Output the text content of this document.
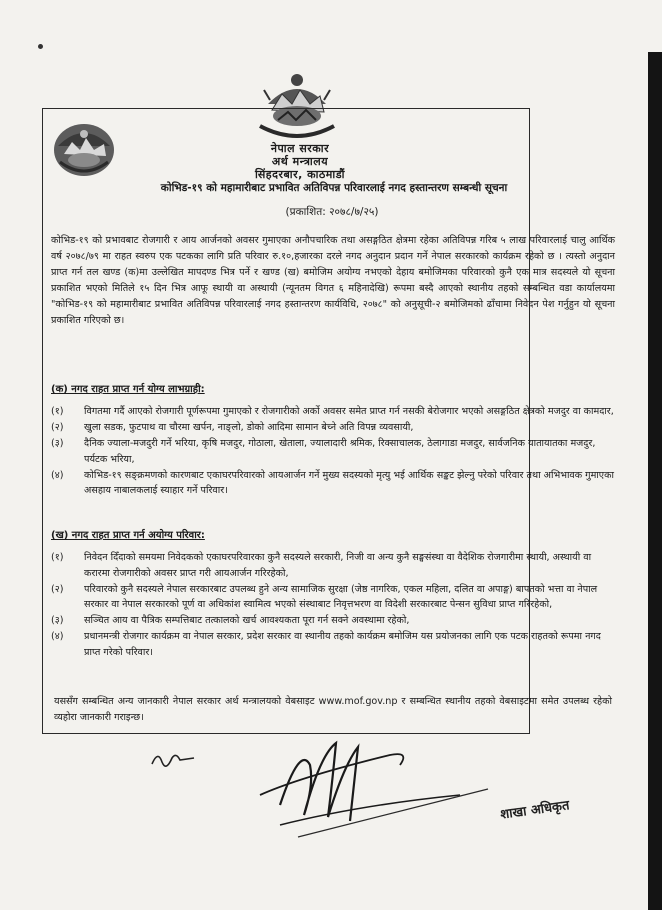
नेपाल सरकार
अर्थ मन्त्रालय
सिंहदरबार, काठमाडौं
कोभिड-१९ को महामारीबाट प्रभावित अतिविपन्न परिवारलाई नगद हस्तान्तरण सम्बन्धी सूचना
(प्रकाशित: २०७८/७/२५)
कोभिड-१९ को प्रभावबाट रोजगारी र आय आर्जनको अवसर गुमाएका अनौपचारिक तथा असङ्गठित क्षेत्रमा रहेका अतिविपन्न गरिब ५ लाख परिवारलाई चालु आर्थिक वर्ष २०७८/७९ मा राहत स्वरुप एक पटकका लागि प्रति परिवार रु.१०,हजारका दरले नगद अनुदान प्रदान गर्ने नेपाल सरकारको कार्यक्रम रहेको छ । त्यस्तो अनुदान प्राप्त गर्न तल खण्ड (क)मा उल्लेखित मापदण्ड भित्र पर्ने र खण्ड (ख) बमोजिम अयोग्य नभएको देहाय बमोजिमका परिवारको कुनै एक मात्र सदस्यले यो सूचना प्रकाशित भएको मितिले १५ दिन भित्र आफू स्थायी वा अस्थायी (न्यूनतम विगत ६ महिनादेखि) रूपमा बस्दै आएको स्थानीय तहको सम्बन्धित वडा कार्यालयमा "कोभिड-१९ को महामारीबाट प्रभावित अतिविपन्न परिवारलाई नगद हस्तान्तरण कार्यविधि, २०७८" को अनुसूची-२ बमोजिमको ढाँचामा निवेदन पेश गर्नुहुन यो सूचना प्रकाशित गरिएको छ।
(क) नगद राहत प्राप्त गर्न योग्य लाभग्राही:
(१) विगतमा गर्दै आएको रोजगारी पूर्णरूपमा गुमाएको र रोजगारीको अर्को अवसर समेत प्राप्त गर्न नसकी बेरोजगार भएको असङ्गठित क्षेत्रको मजदुर वा कामदार,
(२) खुला सडक, फुटपाथ वा चौरमा खर्पन, नाङ्लो, डोको आदिमा सामान बेच्ने अति विपन्न व्यवसायी,
(३) दैनिक ज्याला-मजदुरी गर्ने भरिया, कृषि मजदुर, गोठाला, खेताला, ज्यालादारी श्रमिक, रिक्साचालक, ठेलागाडा मजदुर, सार्वजनिक यातायातका मजदुर, पर्यटक भरिया,
(४) कोभिड-१९ सङ्क्रमणको कारणबाट एकाघरपरिवारको आयआर्जन गर्ने मुख्य सदस्यको मृत्यु भई आर्थिक सङ्कट झेल्नु परेको परिवार तथा अभिभावक गुमाएका असहाय नाबालकलाई स्याहार गर्ने परिवार।
(ख) नगद राहत प्राप्त गर्न अयोग्य परिवार:
(१) निवेदन दिँदाको समयमा निवेदकको एकाघरपरिवारका कुनै सदस्यले सरकारी, निजी वा अन्य कुनै सङ्घसंस्था वा वैदेशिक रोजगारीमा स्थायी, अस्थायी वा करारमा रोजगारीको अवसर प्राप्त गरी आयआर्जन गरिरहेको,
(२) परिवारको कुनै सदस्यले नेपाल सरकारबाट उपलब्ध हुने अन्य सामाजिक सुरक्षा (जेष्ठ नागरिक, एकल महिला, दलित वा अपाङ्ग) बापतको भत्ता वा नेपाल सरकार वा नेपाल सरकारको पूर्ण वा अधिकांश स्वामित्व भएको संस्थाबाट निवृत्तभरण वा विदेशी सरकारबाट पेन्सन सुविधा प्राप्त गरिरहेको,
(३) सञ्चित आय वा पैत्रिक सम्पत्तिबाट तत्कालको खर्च आवश्यकता पूरा गर्न सक्ने अवस्थामा रहेको,
(४) प्रधानमन्त्री रोजगार कार्यक्रम वा नेपाल सरकार, प्रदेश सरकार वा स्थानीय तहको कार्यक्रम बमोजिम यस प्रयोजनका लागि एक पटक राहतको रूपमा नगद प्राप्त गरेको परिवार।
यससँग सम्बन्धित अन्य जानकारी नेपाल सरकार अर्थ मन्त्रालयको वेबसाइट www.mof.gov.np र सम्बन्धित स्थानीय तहको वेबसाइटमा समेत उपलब्ध रहेको व्यहोरा जानकारी गराइन्छ।
शाखा अधिकृत
